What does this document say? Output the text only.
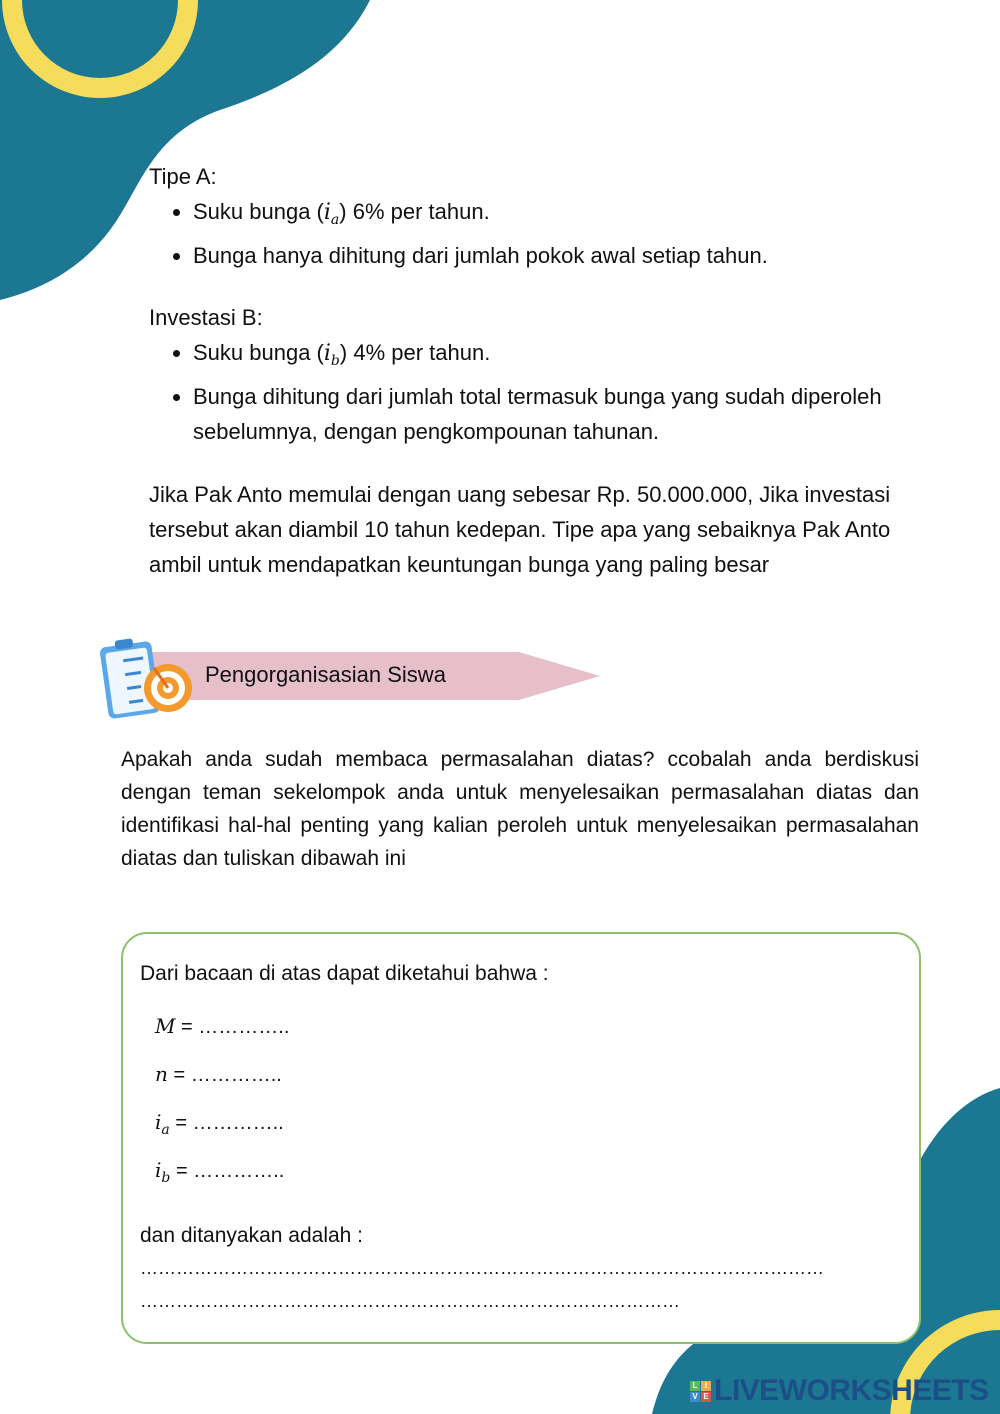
Tipe A:
• Suku bunga $(i_a)$ 6% per tahun.
• Bunga hanya dihitung dari jumlah pokok awal setiap tahun.
Investasi B:
• Suku bunga $(i_b)$ 4% per tahun.
• Bunga dihitung dari jumlah total termasuk bunga yang sudah diperoleh sebelumnya, dengan pengkompounan tahunan.
Jika Pak Anto memulai dengan uang sebesar Rp. 50.000.000, Jika investasi tersebut akan diambil 10 tahun kedepan. Tipe apa yang sebaiknya Pak Anto ambil untuk mendapatkan keuntungan bunga yang paling besar
Pengorganisasian Siswa
Apakah anda sudah membaca permasalahan diatas? ccobalah anda berdiskusi dengan teman sekelompok anda untuk menyelesaikan permasalahan diatas dan identifikasi hal-hal penting yang kalian peroleh untuk menyelesaikan permasalahan diatas dan tuliskan dibawah ini
Dari bacaan di atas dapat diketahui bahwa :
M = …………..
n = …………..
$i_a$ = …………..
$i_b$ = …………..
dan ditanyakan adalah :
……………………………………………………………………………………………………
………………………………………………………………………………
L I
V E LIVEWORKSHEETS
